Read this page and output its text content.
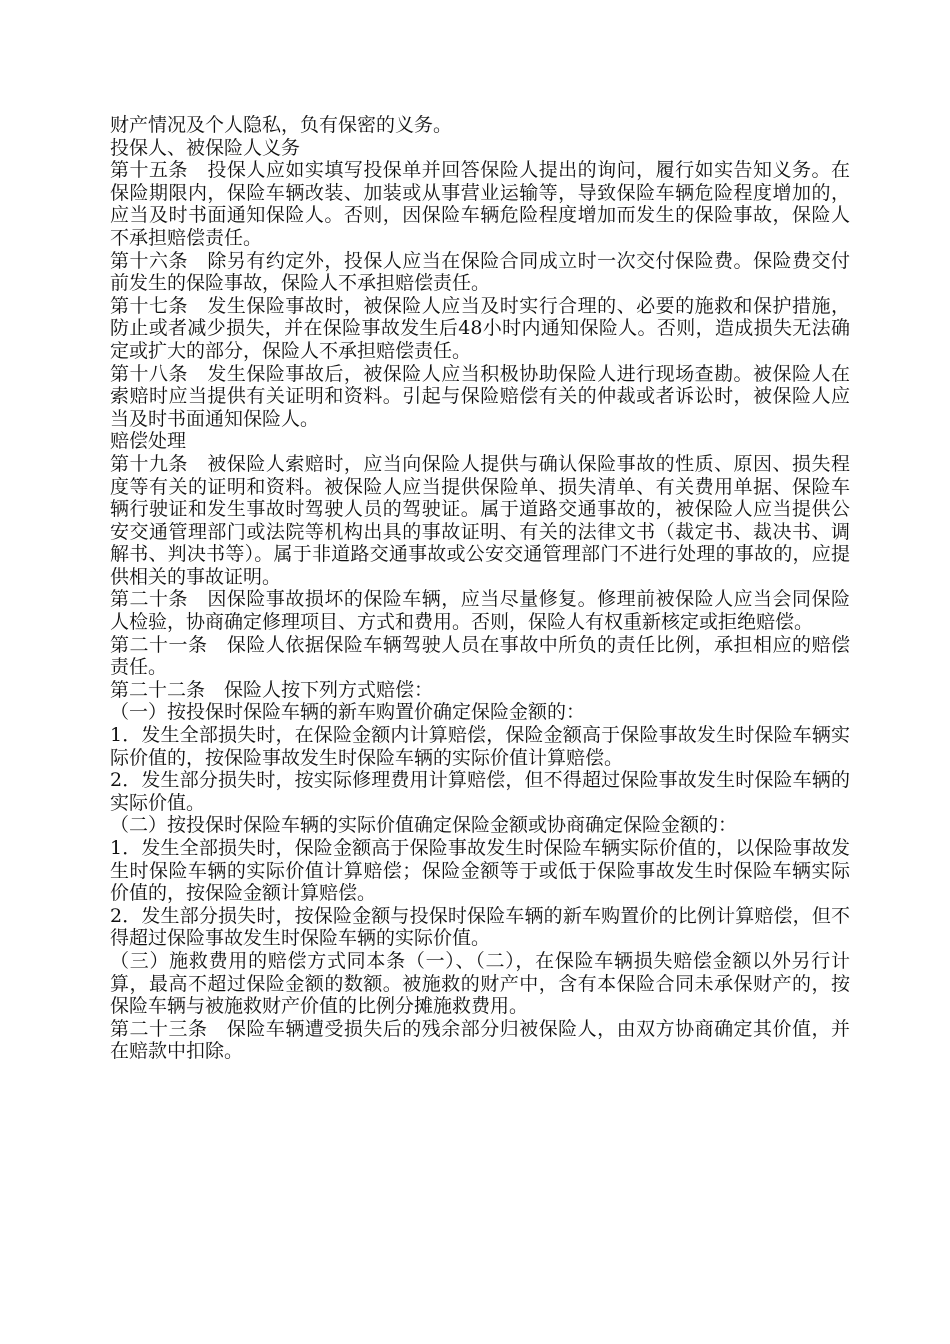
财产情况及个人隐私，负有保密的义务。

投保人、被保险人义务

第十五条　投保人应如实填写投保单并回答保险人提出的询问，履行如实告知义务。在保险期限内，保险车辆改装、加装或从事营业运输等，导致保险车辆危险程度增加的，应当及时书面通知保险人。否则，因保险车辆危险程度增加而发生的保险事故，保险人不承担赔偿责任。

第十六条　除另有约定外，投保人应当在保险合同成立时一次交付保险费。保险费交付前发生的保险事故，保险人不承担赔偿责任。

第十七条　发生保险事故时，被保险人应当及时实行合理的、必要的施救和保护措施，防止或者减少损失，并在保险事故发生后48小时内通知保险人。否则，造成损失无法确定或扩大的部分，保险人不承担赔偿责任。

第十八条　发生保险事故后，被保险人应当积极协助保险人进行现场查勘。被保险人在索赔时应当提供有关证明和资料。引起与保险赔偿有关的仲裁或者诉讼时，被保险人应当及时书面通知保险人。

赔偿处理

第十九条　被保险人索赔时，应当向保险人提供与确认保险事故的性质、原因、损失程度等有关的证明和资料。被保险人应当提供保险单、损失清单、有关费用单据、保险车辆行驶证和发生事故时驾驶人员的驾驶证。属于道路交通事故的，被保险人应当提供公安交通管理部门或法院等机构出具的事故证明、有关的法律文书（裁定书、裁决书、调解书、判决书等）。属于非道路交通事故或公安交通管理部门不进行处理的事故的，应提供相关的事故证明。

第二十条　因保险事故损坏的保险车辆，应当尽量修复。修理前被保险人应当会同保险人检验，协商确定修理项目、方式和费用。否则，保险人有权重新核定或拒绝赔偿。

第二十一条　保险人依据保险车辆驾驶人员在事故中所负的责任比例，承担相应的赔偿责任。

第二十二条　保险人按下列方式赔偿：

（一）按投保时保险车辆的新车购置价确定保险金额的：

1．发生全部损失时，在保险金额内计算赔偿，保险金额高于保险事故发生时保险车辆实际价值的，按保险事故发生时保险车辆的实际价值计算赔偿。

2．发生部分损失时，按实际修理费用计算赔偿，但不得超过保险事故发生时保险车辆的实际价值。

（二）按投保时保险车辆的实际价值确定保险金额或协商确定保险金额的：

1．发生全部损失时，保险金额高于保险事故发生时保险车辆实际价值的，以保险事故发生时保险车辆的实际价值计算赔偿；保险金额等于或低于保险事故发生时保险车辆实际价值的，按保险金额计算赔偿。

2．发生部分损失时，按保险金额与投保时保险车辆的新车购置价的比例计算赔偿，但不得超过保险事故发生时保险车辆的实际价值。

（三）施救费用的赔偿方式同本条（一）、（二），在保险车辆损失赔偿金额以外另行计算，最高不超过保险金额的数额。被施救的财产中，含有本保险合同未承保财产的，按保险车辆与被施救财产价值的比例分摊施救费用。

第二十三条　保险车辆遭受损失后的残余部分归被保险人，由双方协商确定其价值，并在赔款中扣除。
